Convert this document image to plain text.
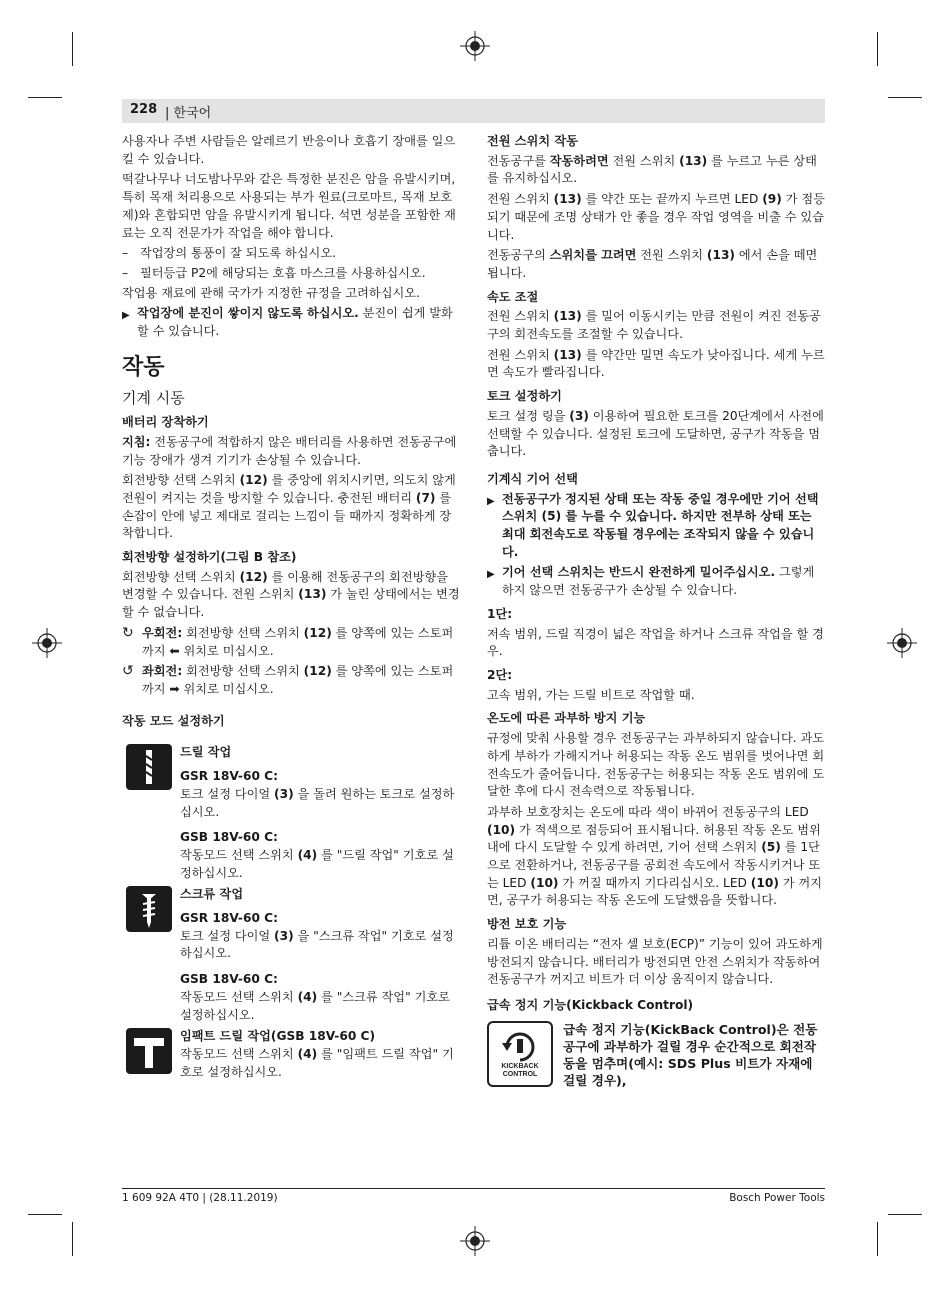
228 | 한국어

사용자나 주변 사람들은 알레르기 반응이나 호흡기 장애를 일으킬 수 있습니다.

떡갈나무나 너도밤나무와 같은 특정한 분진은 암을 유발시키며, 특히 목재 처리용으로 사용되는 부가 원료(크로마트, 목재 보호제)와 혼합되면 암을 유발시키게 됩니다. 석면 성분을 포함한 재료는 오직 전문가가 작업을 해야 합니다.

– 작업장의 통풍이 잘 되도록 하십시오.
– 필터등급 P2에 해당되는 호흡 마스크를 사용하십시오.

작업용 재료에 관해 국가가 지정한 규정을 고려하십시오.

▶ 작업장에 분진이 쌓이지 않도록 하십시오. 분진이 쉽게 발화할 수 있습니다.
작동
기계 시동
배터리 장착하기

지침: 전동공구에 적합하지 않은 배터리를 사용하면 전동공구에 기능 장애가 생겨 기기가 손상될 수 있습니다.

회전방향 선택 스위치 (12) 를 중앙에 위치시키면, 의도치 않게 전원이 켜지는 것을 방지할 수 있습니다. 충전된 배터리 (7) 를 손잡이 안에 넣고 제대로 걸리는 느낌이 들 때까지 정확하게 장착합니다.

회전방향 설정하기(그림 B 참조)

회전방향 선택 스위치 (12) 를 이용해 전동공구의 회전방향을 변경할 수 있습니다. 전원 스위치 (13) 가 눌린 상태에서는 변경할 수 없습니다.

↻ 우회전: 회전방향 선택 스위치 (12) 를 양쪽에 있는 스토퍼까지 ⬅ 위치로 미십시오.
↺ 좌회전: 회전방향 선택 스위치 (12) 를 양쪽에 있는 스토퍼까지 ➡ 위치로 미십시오.
작동 모드 설정하기
드릴 작업
GSR 18V-60 C:
토크 설정 다이얼 (3) 을 돌려 원하는 토크로 설정하십시오.
GSB 18V-60 C:
작동모드 선택 스위치 (4) 를 "드릴 작업" 기호로 설정하십시오.
스크류 작업
GSR 18V-60 C:
토크 설정 다이얼 (3) 을 "스크류 작업" 기호로 설정하십시오.
GSB 18V-60 C:
작동모드 선택 스위치 (4) 를 "스크류 작업" 기호로 설정하십시오.
임팩트 드릴 작업(GSB 18V-60 C)
작동모드 선택 스위치 (4) 를 "임팩트 드릴 작업" 기호로 설정하십시오.
전원 스위치 작동

전동공구를 작동하려면 전원 스위치 (13) 를 누르고 누른 상태를 유지하십시오.

전원 스위치 (13) 를 약간 또는 끝까지 누르면 LED (9) 가 점등되기 때문에 조명 상태가 안 좋을 경우 작업 영역을 비출 수 있습니다.

전동공구의 스위치를 끄려면 전원 스위치 (13) 에서 손을 떼면 됩니다.

속도 조절

전원 스위치 (13) 를 밀어 이동시키는 만큼 전원이 켜진 전동공구의 회전속도를 조절할 수 있습니다.

전원 스위치 (13) 를 약간만 밀면 속도가 낮아집니다. 세게 누르면 속도가 빨라집니다.

토크 설정하기

토크 설정 링을 (3) 이용하여 필요한 토크를 20단계에서 사전에 선택할 수 있습니다. 설정된 토크에 도달하면, 공구가 작동을 멈춥니다.

기계식 기어 선택
▶ 전동공구가 정지된 상태 또는 작동 중일 경우에만 기어 선택 스위치 (5) 를 누를 수 있습니다. 하지만 전부하 상태 또는 최대 회전속도로 작동될 경우에는 조작되지 않을 수 있습니다.
▶ 기어 선택 스위치는 반드시 완전하게 밀어주십시오. 그렇게 하지 않으면 전동공구가 손상될 수 있습니다.
1단:

저속 범위, 드릴 직경이 넓은 작업을 하거나 스크류 작업을 할 경우.

2단:

고속 범위, 가는 드릴 비트로 작업할 때.

온도에 따른 과부하 방지 기능

규정에 맞춰 사용할 경우 전동공구는 과부하되지 않습니다. 과도하게 부하가 가해지거나 허용되는 작동 온도 범위를 벗어나면 회전속도가 줄어듭니다. 전동공구는 허용되는 작동 온도 범위에 도달한 후에 다시 전속력으로 작동됩니다.

과부하 보호장치는 온도에 따라 색이 바뀌어 전동공구의 LED (10) 가 적색으로 점등되어 표시됩니다. 허용된 작동 온도 범위 내에 다시 도달할 수 있게 하려면, 기어 선택 스위치 (5) 를 1단으로 전환하거나, 전동공구를 공회전 속도에서 작동시키거나 또는 LED (10) 가 꺼질 때까지 기다리십시오. LED (10) 가 꺼지면, 공구가 허용되는 작동 온도에 도달했음을 뜻합니다.

방전 보호 기능

리튬 이온 배터리는 “전자 셀 보호(ECP)” 기능이 있어 과도하게 방전되지 않습니다. 배터리가 방전되면 안전 스위치가 작동하여 전동공구가 꺼지고 비트가 더 이상 움직이지 않습니다.

급속 정지 기능(Kickback Control)
KICKBACK
CONTROL
급속 정지 기능(KickBack Control)은 전동공구에 과부하가 걸릴 경우 순간적으로 회전작동을 멈추며(예시: SDS Plus 비트가 자재에 걸릴 경우),
1 609 92A 4T0 | (28.11.2019)	Bosch Power Tools
